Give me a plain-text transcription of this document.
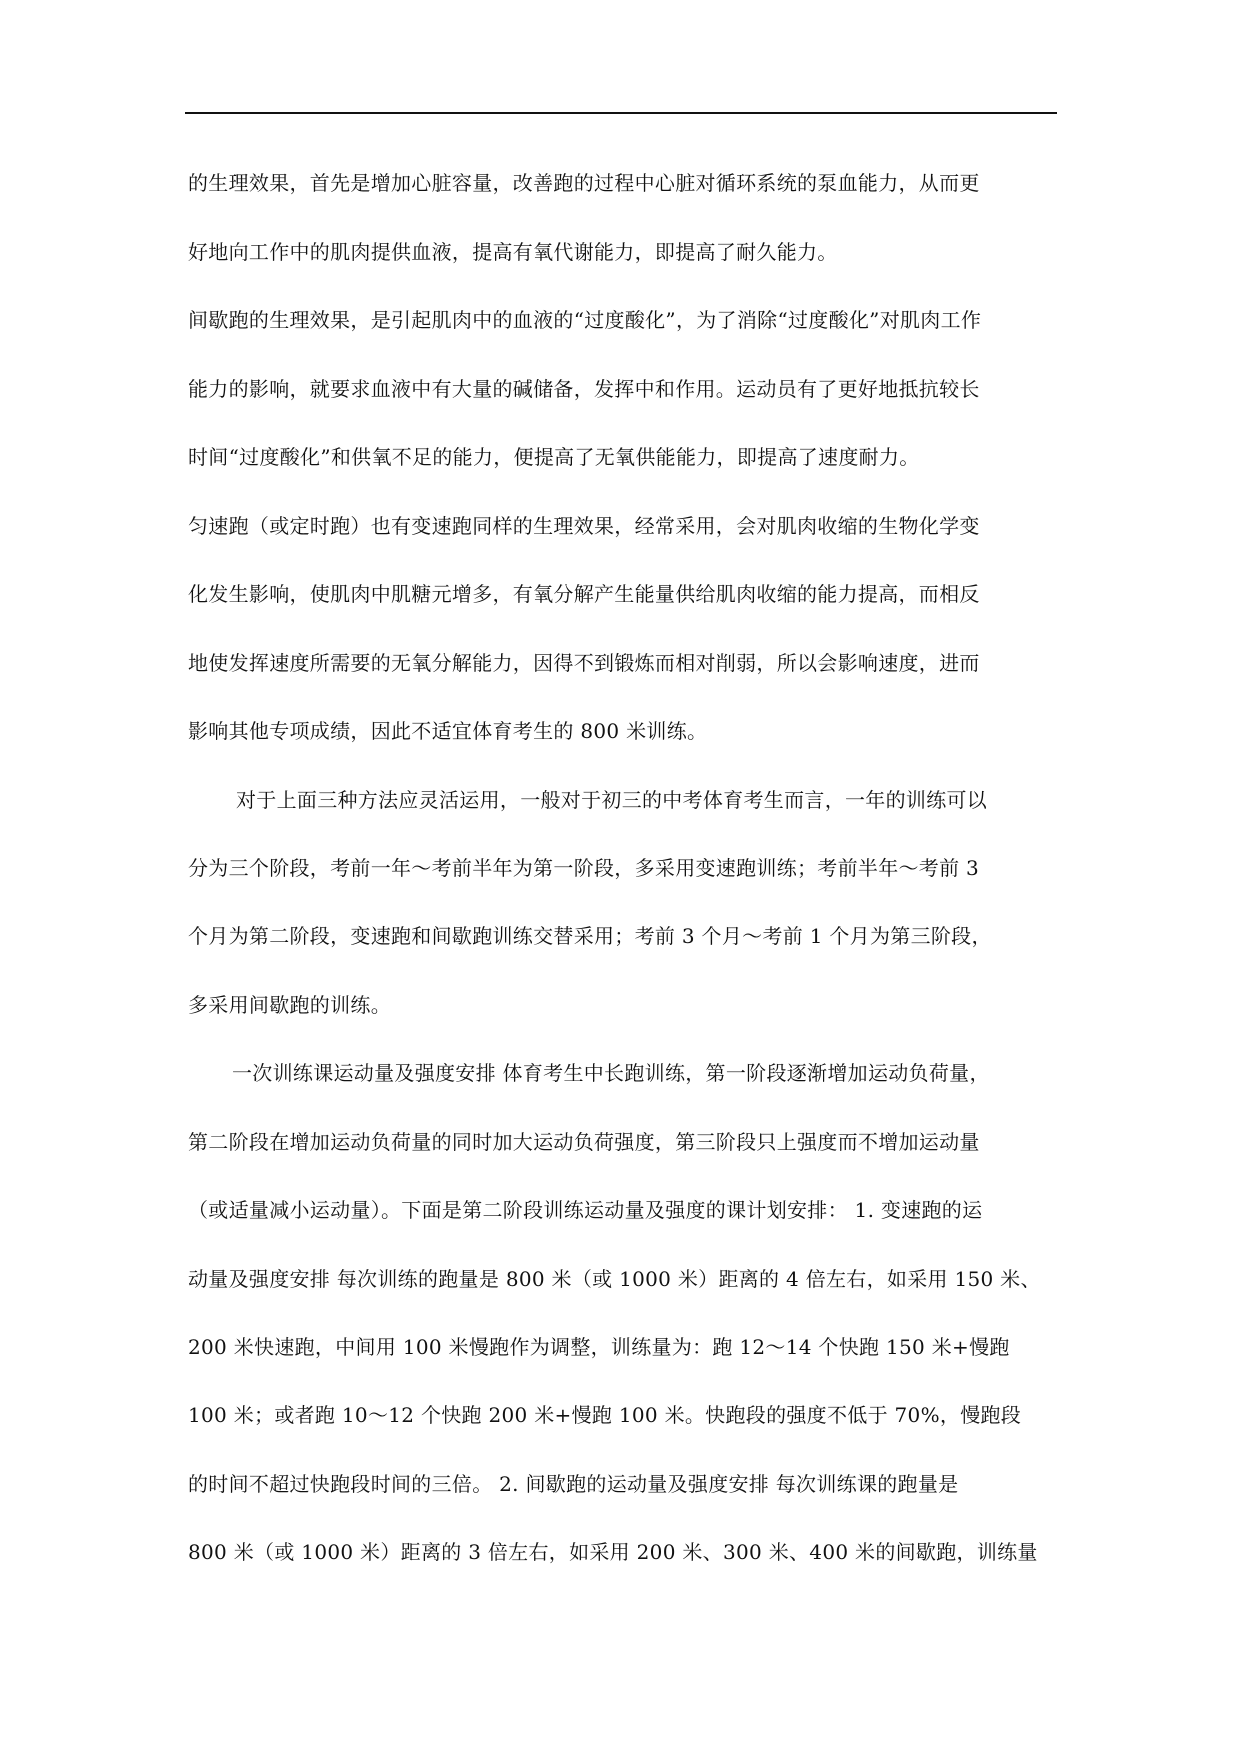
的生理效果，首先是增加心脏容量，改善跑的过程中心脏对循环系统的泵血能力，从而更
好地向工作中的肌肉提供血液，提高有氧代谢能力，即提高了耐久能力。
间歇跑的生理效果，是引起肌肉中的血液的“过度酸化”，为了消除“过度酸化”对肌肉工作
能力的影响，就要求血液中有大量的碱储备，发挥中和作用。运动员有了更好地抵抗较长
时间“过度酸化”和供氧不足的能力，便提高了无氧供能能力，即提高了速度耐力。
匀速跑（或定时跑）也有变速跑同样的生理效果，经常采用，会对肌肉收缩的生物化学变
化发生影响，使肌肉中肌糖元增多，有氧分解产生能量供给肌肉收缩的能力提高，而相反
地使发挥速度所需要的无氧分解能力，因得不到锻炼而相对削弱，所以会影响速度，进而
影响其他专项成绩，因此不适宜体育考生的 800 米训练。
对于上面三种方法应灵活运用，一般对于初三的中考体育考生而言，一年的训练可以
分为三个阶段，考前一年～考前半年为第一阶段，多采用变速跑训练；考前半年～考前 3
个月为第二阶段，变速跑和间歇跑训练交替采用；考前 3 个月～考前 1 个月为第三阶段，
多采用间歇跑的训练。
一次训练课运动量及强度安排 体育考生中长跑训练，第一阶段逐渐增加运动负荷量，
第二阶段在增加运动负荷量的同时加大运动负荷强度，第三阶段只上强度而不增加运动量
（或适量减小运动量）。下面是第二阶段训练运动量及强度的课计划安排： 1. 变速跑的运
动量及强度安排 每次训练的跑量是 800 米（或 1000 米）距离的 4 倍左右，如采用 150 米、
200 米快速跑，中间用 100 米慢跑作为调整，训练量为：跑 12～14 个快跑 150 米+慢跑
100 米；或者跑 10～12 个快跑 200 米+慢跑 100 米。快跑段的强度不低于 70%，慢跑段
的时间不超过快跑段时间的三倍。 2. 间歇跑的运动量及强度安排 每次训练课的跑量是
800 米（或 1000 米）距离的 3 倍左右，如采用 200 米、300 米、400 米的间歇跑，训练量
